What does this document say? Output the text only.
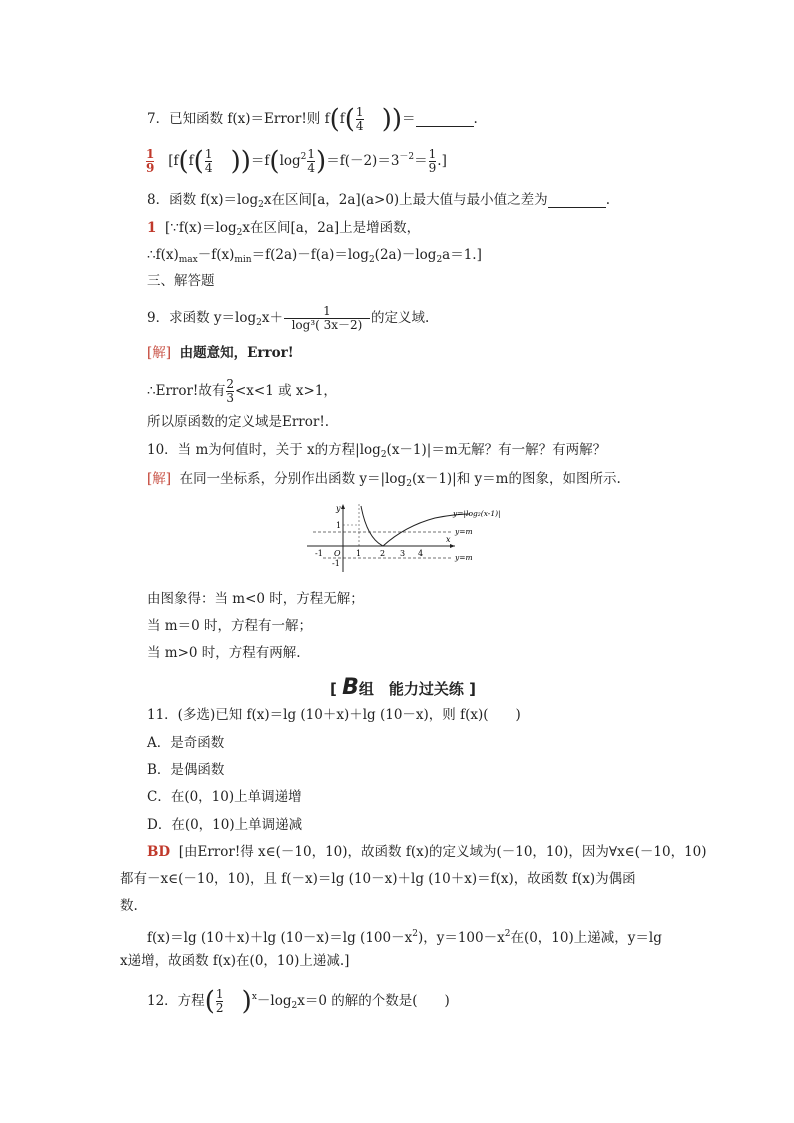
7．已知函数 f(x)＝Error!则 $f(f( \frac{1}{4}$ ))＝	.
$\frac{1}{9} [f(f( \frac{1}{4} ))=f(\log^2 \frac{1}{4} )=f(-2)=3^{-2}= \frac{1}{9}$ .]
8．函数 $f(x)=\log_2x$在区间[a，2a](a>0)上最大值与最小值之差为	.
1 [$\because f(x)=\log_2x$在区间[a，2a]上是增函数，
$\therefore f(x)_{max}-f(x)_{min}=f(2a)-f(a)=\log_2(2a)-\log_2a=1$.]
三、解答题
9．求函数 $y=\log_2x+ \frac{1}{\text{log³( 3x－2)}}$ 的定义域.
[解] 由题意知，Error!
∴Error!故有 $\frac{2}{3} <x<1$ 或 x>1，
所以原函数的定义域是Error!.
10．当 m为何值时，关于 x的方程$|\log_2(x-1)|=m$无解？有一解？有两解？
[解] 在同一坐标系，分别作出函数 $y=|\log_2(x-1)|$和 y＝m的图象，如图所示.
y
x
O
1
-1
-1	1 2 3 4
y=|log₂(x-1)|
y=m
y=m
由图象得：当 m<0 时，方程无解；
当 m＝0 时，方程有一解；
当 m>0 时，方程有两解.
[ B组　能力过关练 ]
11．(多选)已知 f(x)＝lg (10＋x)＋lg (10－x)，则 f(x)(　　)
A．是奇函数
B．是偶函数
C．在(0，10)上单调递增
D．在(0，10)上单调递减
BD [由Error!得 x∈(－10，10)，故函数 f(x)的定义域为(－10，10)，因为∀x∈(－10，10)
都有－x∈(－10，10)，且 f(－x)＝lg (10－x)＋lg (10＋x)＝f(x)，故函数 f(x)为偶函
数.
f(x)＝lg (10＋x)＋lg (10－x)＝lg $(100-x^2)$，$y=100-x^2$在(0，10)上递减，y＝lg
x递增，故函数 f(x)在(0，10)上递减.]
12．方程( $\frac{1}{2} )^x-\log_2x=0$ 的解的个数是(　　)
